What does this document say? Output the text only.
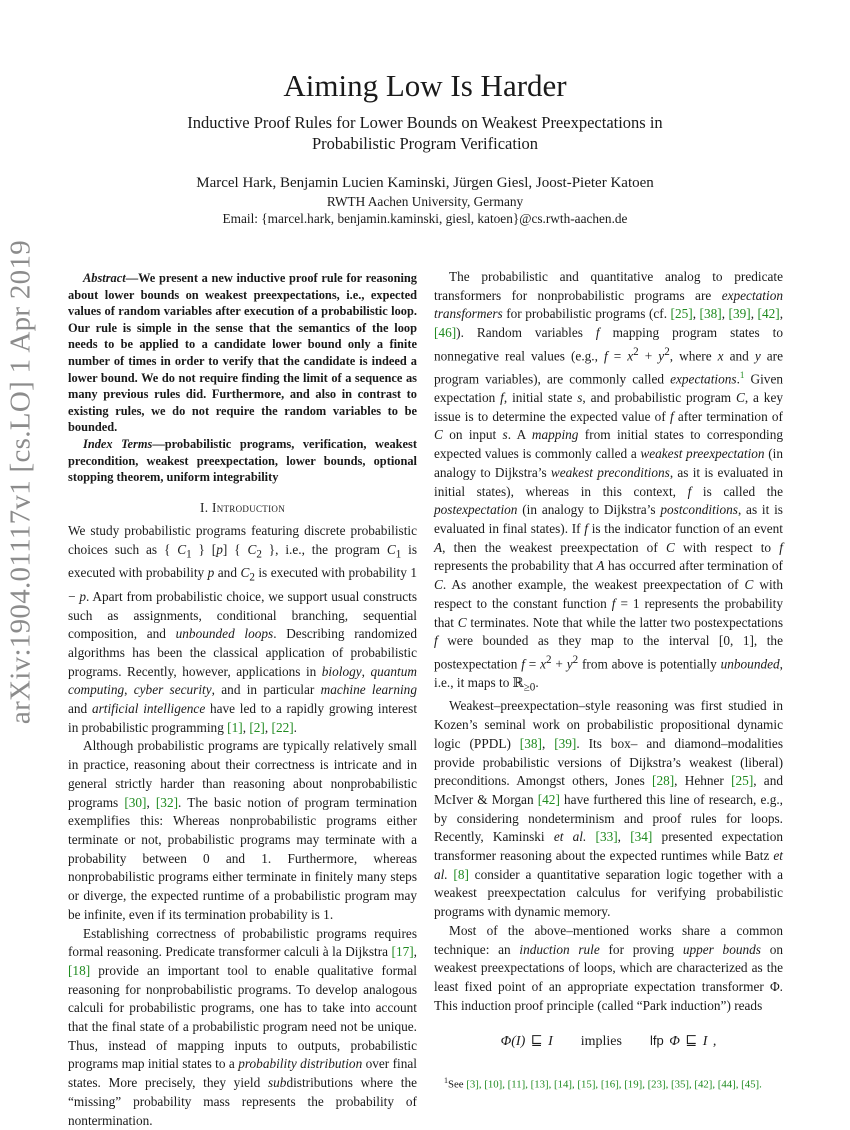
arXiv:1904.01117v1 [cs.LO] 1 Apr 2019
Aiming Low Is Harder
Inductive Proof Rules for Lower Bounds on Weakest Preexpectations in Probabilistic Program Verification
Marcel Hark, Benjamin Lucien Kaminski, Jürgen Giesl, Joost-Pieter Katoen
RWTH Aachen University, Germany
Email: {marcel.hark, benjamin.kaminski, giesl, katoen}@cs.rwth-aachen.de

Abstract—We present a new inductive proof rule for reasoning about lower bounds on weakest preexpectations, i.e., expected values of random variables after execution of a probabilistic loop. Our rule is simple in the sense that the semantics of the loop needs to be applied to a candidate lower bound only a finite number of times in order to verify that the candidate is indeed a lower bound. We do not require finding the limit of a sequence as many previous rules did. Furthermore, and also in contrast to existing rules, we do not require the random variables to be bounded.

Index Terms—probabilistic programs, verification, weakest precondition, weakest preexpectation, lower bounds, optional stopping theorem, uniform integrability

I. Introduction

We study probabilistic programs featuring discrete probabilistic choices such as { $C_1$ } [p] { $C_2$ }, i.e., the program $C_1$ is executed with probability p and $C_2$ is executed with probability 1 − p. Apart from probabilistic choice, we support usual constructs such as assignments, conditional branching, sequential composition, and unbounded loops. Describing randomized algorithms has been the classical application of probabilistic programs. Recently, however, applications in biology, quantum computing, cyber security, and in particular machine learning and artificial intelligence have led to a rapidly growing interest in probabilistic programming [1], [2], [22].

Although probabilistic programs are typically relatively small in practice, reasoning about their correctness is intricate and in general strictly harder than reasoning about nonprobabilistic programs [30], [32]. The basic notion of program termination exemplifies this: Whereas nonprobabilistic programs either terminate or not, probabilistic programs may terminate with a probability between 0 and 1. Furthermore, whereas nonprobabilistic programs either terminate in finitely many steps or diverge, the expected runtime of a probabilistic program may be infinite, even if its termination probability is 1.

Establishing correctness of probabilistic programs requires formal reasoning. Predicate transformer calculi à la Dijkstra [17], [18] provide an important tool to enable qualitative formal reasoning for nonprobabilistic programs. To develop analogous calculi for probabilistic programs, one has to take into account that the final state of a probabilistic program need not be unique. Thus, instead of mapping inputs to outputs, probabilistic programs map initial states to a probability distribution over final states. More precisely, they yield subdistributions where the “missing” probability mass represents the probability of nontermination.

The probabilistic and quantitative analog to predicate transformers for nonprobabilistic programs are expectation transformers for probabilistic programs (cf. [25], [38], [39], [42], [46]). Random variables f mapping program states to nonnegative real values (e.g., $f = x^2 + y^2$, where x and y are program variables), are commonly called expectations.$^1$ Given expectation f, initial state s, and probabilistic program C, a key issue is to determine the expected value of f after termination of C on input s. A mapping from initial states to corresponding expected values is commonly called a weakest preexpectation (in analogy to Dijkstra’s weakest preconditions, as it is evaluated in initial states), whereas in this context, f is called the postexpectation (in analogy to Dijkstra’s postconditions, as it is evaluated in final states). If f is the indicator function of an event A, then the weakest preexpectation of C with respect to f represents the probability that A has occurred after termination of C. As another example, the weakest preexpectation of C with respect to the constant function f = 1 represents the probability that C terminates. Note that while the latter two postexpectations f were bounded as they map to the interval [0, 1], the postexpectation $f = x^2 + y^2$ from above is potentially unbounded, i.e., it maps to ℝ$_{\ge 0}$.

Weakest–preexpectation–style reasoning was first studied in Kozen’s seminal work on probabilistic propositional dynamic logic (PPDL) [38], [39]. Its box– and diamond–modalities provide probabilistic versions of Dijkstra’s weakest (liberal) preconditions. Amongst others, Jones [28], Hehner [25], and McIver & Morgan [42] have furthered this line of research, e.g., by considering nondeterminism and proof rules for loops. Recently, Kaminski et al. [33], [34] presented expectation transformer reasoning about the expected runtimes while Batz et al. [8] consider a quantitative separation logic together with a weakest preexpectation calculus for verifying probabilistic programs with dynamic memory.

Most of the above–mentioned works share a common technique: an induction rule for proving upper bounds on weakest preexpectations of loops, which are characterized as the least fixed point of an appropriate expectation transformer Φ. This induction proof principle (called “Park induction”) reads

Φ(I) ⊑ I implies lfp Φ ⊑ I ,
$^1$See [3], [10], [11], [13], [14], [15], [16], [19], [23], [35], [42], [44], [45].
